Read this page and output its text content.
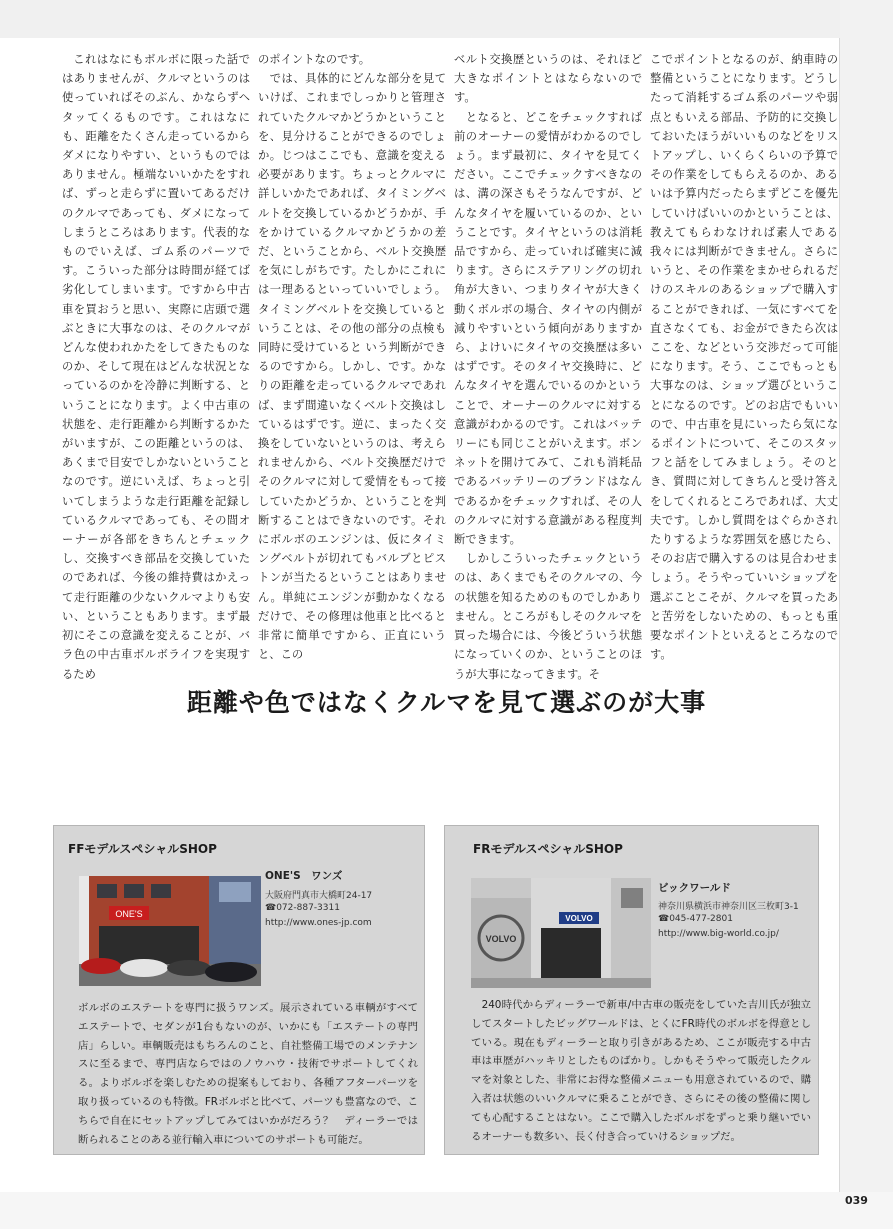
これはなにもボルボに限った話ではありませんが、クルマというのは使っていればそのぶん、かならずヘタッてくるものです。これはなにも、距離をたくさん走っているからダメになりやすい、というものではありません。極端ないいかたをすれば、ずっと走らずに置いてあるだけのクルマであっても、ダメになってしまうところはあります。代表的なものでいえば、ゴム系のパーツです。こういった部分は時間が経てば劣化してしまいます。ですから中古車を買おうと思い、実際に店頭で選ぶときに大事なのは、そのクルマがどんな使われかたをしてきたものなのか、そして現在はどんな状況となっているのかを冷静に判断する、ということになります。よく中古車の状態を、走行距離から判断するかたがいますが、この距離というのは、あくまで目安でしかないということなのです。逆にいえば、ちょっと引いてしまうような走行距離を記録しているクルマであっても、その間オーナーが各部をきちんとチェックし、交換すべき部品を交換していたのであれば、今後の維持費はかえって走行距離の少ないクルマよりも安い、ということもあります。まず最初にそこの意識を変えることが、バラ色の中古車ボルボライフを実現するため

のポイントなのです。
　では、具体的にどんな部分を見ていけば、これまでしっかりと管理されていたクルマかどうかということを、見分けることができるのでしょか。じつはここでも、意識を変える必要があります。ちょっとクルマに詳しいかたであれば、タイミングベルトを交換しているかどうかが、手をかけているクルマかどうかの差だ、ということから、ベルト交換歴を気にしがちです。たしかにこれには一理あるといっていいでしょう。タイミングベルトを交換しているということは、その他の部分の点検も同時に受けていると いう判断ができるのですから。しかし、です。かなりの距離を走っているクルマであれば、まず間違いなくベルト交換はしているはずです。逆に、まったく交換をしていないというのは、考えられませんから、ベルト交換歴だけでそのクルマに対して愛情をもって接していたかどうか、ということを判断することはできないのです。それにボルボのエンジンは、仮にタイミングベルトが切れてもバルブとピストンが当たるということはありません。単純にエンジンが動かなくなるだけで、その修理は他車と比べると非常に簡単ですから、正直にいうと、この

ベルト交換歴というのは、それほど大きなポイントとはならないのです。
　となると、どこをチェックすれば前のオーナーの愛情がわかるのでしょう。まず最初に、タイヤを見てください。ここでチェックすべきなのは、溝の深さもそうなんですが、どんなタイヤを履いているのか、ということです。タイヤというのは消耗品ですから、走っていれば確実に減ります。さらにステアリングの切れ角が大きい、つまりタイヤが大きく動くボルボの場合、タイヤの内側が減りやすいという傾向がありますから、よけいにタイヤの交換歴は多いはずです。そのタイヤ交換時に、どんなタイヤを選んでいるのかということで、オーナーのクルマに対する意識がわかるのです。これはバッテリーにも同じことがいえます。ボンネットを開けてみて、これも消耗品であるバッテリーのブランドはなんであるかをチェックすれば、その人のクルマに対する意識がある程度判断できます。
　しかしこういったチェックというのは、あくまでもそのクルマの、今の状態を知るためのものでしかありません。ところがもしそのクルマを買った場合には、今後どういう状態になっていくのか、ということのほうが大事になってきます。そ

こでポイントとなるのが、納車時の整備ということになります。どうしたって消耗するゴム系のパーツや弱点ともいえる部品、予防的に交換しておいたほうがいいものなどをリストアップし、いくらくらいの予算でその作業をしてもらえるのか、あるいは予算内だったらまずどこを優先していけばいいのかということは、教えてもらわなければ素人である我々には判断ができません。さらにいうと、その作業をまかせられるだけのスキルのあるショップで購入することができれば、一気にすべてを直さなくても、お金ができたら次はここを、などという交渉だって可能になります。そう、ここでもっとも大事なのは、ショップ選びということになるのです。どのお店でもいいので、中古車を見にいったら気になるポイントについて、そこのスタッフと話をしてみましょう。そのとき、質問に対してきちんと受け答えをしてくれるところであれば、大丈夫です。しかし質問をはぐらかされたりするような雰囲気を感じたら、そのお店で購入するのは見合わせましょう。そうやっていいショップを選ぶことこそが、クルマを買ったあと苦労をしないための、もっとも重要なポイントといえるところなのです。

距離や色ではなくクルマを見て選ぶのが大事
FFモデルスペシャルSHOP
ONE'S
ONE'S　ワンズ
大阪府門真市大橋町24-17
☎072-887-3311
http://www.ones-jp.com
ボルボのエステートを専門に扱うワンズ。展示されている車輌がすべてエステートで、セダンが1台もないのが、いかにも「エステートの専門店」らしい。車輌販売はもちろんのこと、自社整備工場でのメンテナンスに至るまで、専門店ならではのノウハウ・技術でサポートしてくれる。よりボルボを楽しむための提案もしており、各種アフターパーツを取り扱っているのも特徴。FRボルボと比べて、パーツも豊富なので、こちらで自在にセットアップしてみてはいかがだろう？　ディーラーでは断られることのある並行輸入車についてのサポートも可能だ。
FRモデルスペシャルSHOP
VOLVO
VOLVO
ビックワールド
神奈川県横浜市神奈川区三枚町3-1
☎045-477-2801
http://www.big-world.co.jp/
　240時代からディーラーで新車/中古車の販売をしていた吉川氏が独立してスタートしたビッグワールドは、とくにFR時代のボルボを得意としている。現在もディーラーと取り引きがあるため、ここが販売する中古車は車歴がハッキリとしたものばかり。しかもそうやって販売したクルマを対象とした、非常にお得な整備メニューも用意されているので、購入者は状態のいいクルマに乗ることができ、さらにその後の整備に関しても心配することはない。ここで購入したボルボをずっと乗り継いでいるオーナーも数多い、長く付き合っていけるショップだ。
039
